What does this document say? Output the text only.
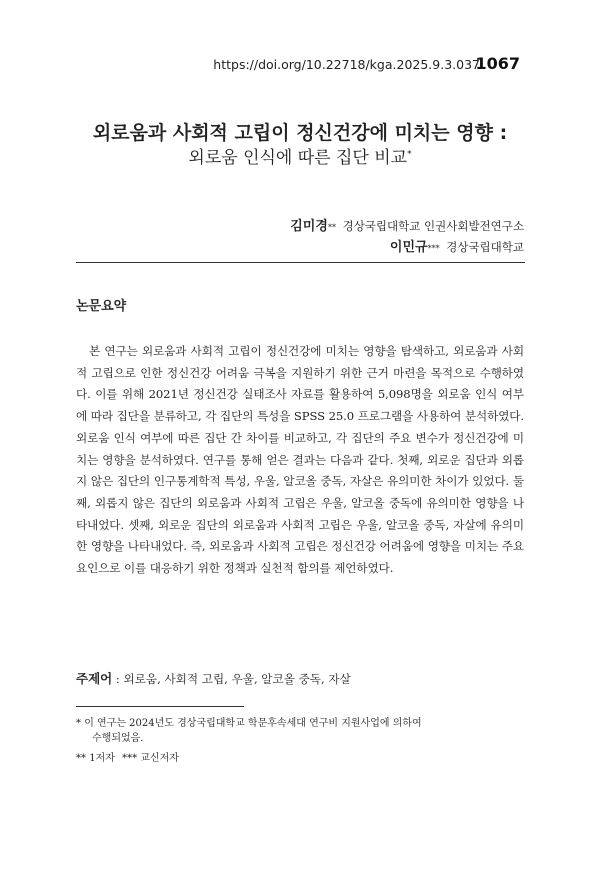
1067
https://doi.org/10.22718/kga.2025.9.3.037
외로움과 사회적 고립이 정신건강에 미치는 영향 :
외로움 인식에 따른 집단 비교*
김미경** 경상국립대학교 인권사회발전연구소
이민규*** 경상국립대학교
논문요약

본 연구는 외로움과 사회적 고립이 정신건강에 미치는 영향을 탐색하고, 외로움과 사회적 고립으로 인한 정신건강 어려움 극복을 지원하기 위한 근거 마련을 목적으로 수행하였다. 이를 위해 2021년 정신건강 실태조사 자료를 활용하여 5,098명을 외로움 인식 여부에 따라 집단을 분류하고, 각 집단의 특성을 SPSS 25.0 프로그램을 사용하여 분석하였다. 외로움 인식 여부에 따른 집단 간 차이를 비교하고, 각 집단의 주요 변수가 정신건강에 미치는 영향을 분석하였다. 연구를 통해 얻은 결과는 다음과 같다. 첫째, 외로운 집단과 외롭지 않은 집단의 인구통계학적 특성, 우울, 알코올 중독, 자살은 유의미한 차이가 있었다. 둘째, 외롭지 않은 집단의 외로움과 사회적 고립은 우울, 알코올 중독에 유의미한 영향을 나타내었다. 셋째, 외로운 집단의 외로움과 사회적 고립은 우울, 알코올 중독, 자살에 유의미한 영향을 나타내었다. 즉, 외로움과 사회적 고립은 정신건강 어려움에 영향을 미치는 주요 요인으로 이를 대응하기 위한 정책과 실천적 함의를 제언하였다.

주제어 : 외로움, 사회적 고립, 우울, 알코올 중독, 자살
* 이 연구는 2024년도 경상국립대학교 학문후속세대 연구비 지원사업에 의하여
수행되었음.
** 1저자 *** 교신저자
